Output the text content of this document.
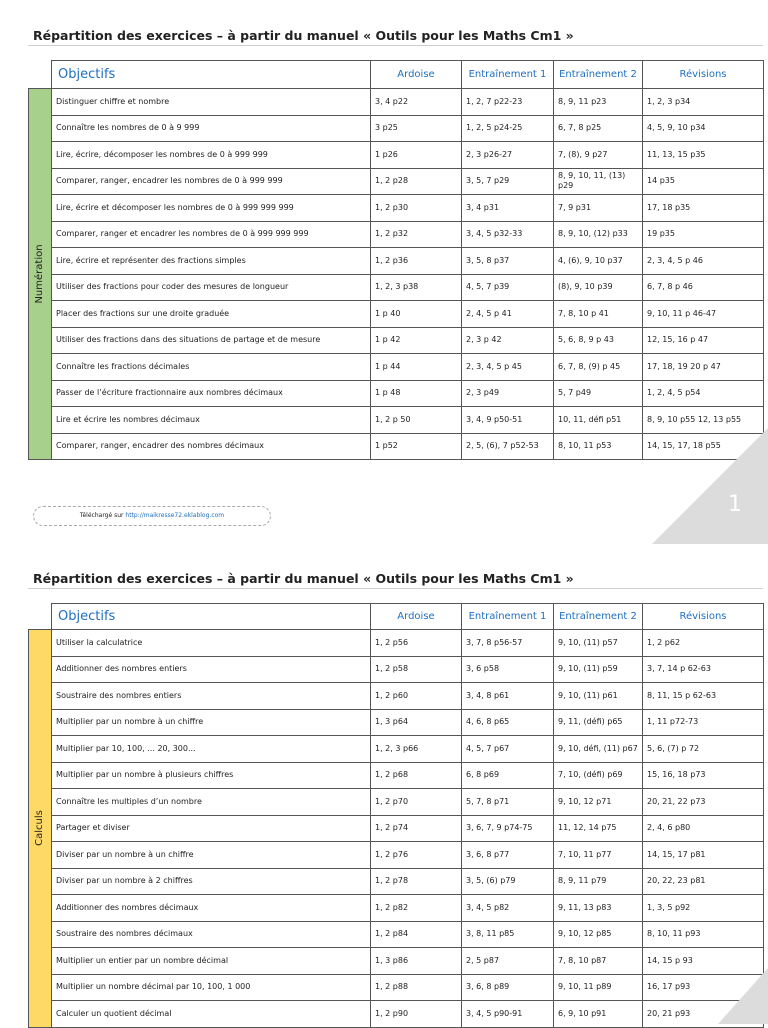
Répartition des exercices – à partir du manuel « Outils pour les Maths Cm1 »
	Objectifs	Ardoise	Entraînement 1	Entraînement 2	Révisions

Numération	Distinguer chiffre et nombre	3, 4 p22	1, 2, 7 p22-23	8, 9, 11 p23	1, 2, 3 p34
	Connaître les nombres de 0 à 9 999	3 p25	1, 2, 5 p24-25	6, 7, 8 p25	4, 5, 9, 10 p34
	Lire, écrire, décomposer les nombres de 0 à 999 999	1 p26	2, 3 p26-27	7, (8), 9 p27	11, 13, 15 p35
	Comparer, ranger, encadrer les nombres de 0 à 999 999	1, 2 p28	3, 5, 7 p29	8, 9, 10, 11, (13) p29	14 p35
	Lire, écrire et décomposer les nombres de 0 à 999 999 999	1, 2 p30	3, 4 p31	7, 9 p31	17, 18 p35
	Comparer, ranger et encadrer les nombres de 0 à 999 999 999	1, 2 p32	3, 4, 5 p32-33	8, 9, 10, (12) p33	19 p35
	Lire, écrire et représenter des fractions simples	1, 2 p36	3, 5, 8 p37	4, (6), 9, 10 p37	2, 3, 4, 5 p 46
	Utiliser des fractions pour coder des mesures de longueur	1, 2, 3 p38	4, 5, 7 p39	(8), 9, 10 p39	6, 7, 8 p 46
	Placer des fractions sur une droite graduée	1 p 40	2, 4, 5 p 41	7, 8, 10 p 41	9, 10, 11 p 46-47
	Utiliser des fractions dans des situations de partage et de mesure	1 p 42	2, 3 p 42	5, 6, 8, 9 p 43	12, 15, 16 p 47
	Connaître les fractions décimales	1 p 44	2, 3, 4, 5 p 45	6, 7, 8, (9) p 45	17, 18, 19 20 p 47
	Passer de l’écriture fractionnaire aux nombres décimaux	1 p 48	2, 3 p49	5, 7 p49	1, 2, 4, 5 p54
	Lire et écrire les nombres décimaux	1, 2 p 50	3, 4, 9 p50-51	10, 11, défi p51	8, 9, 10 p55 12, 13 p55
	Comparer, ranger, encadrer des nombres décimaux	1 p52	2, 5, (6), 7 p52-53	8, 10, 11 p53	14, 15, 17, 18 p55
Téléchargé sur http://maikresse72.eklablog.com	1
Répartition des exercices – à partir du manuel « Outils pour les Maths Cm1 »
	Objectifs	Ardoise	Entraînement 1	Entraînement 2	Révisions

Calculs	Utiliser la calculatrice	1, 2 p56	3, 7, 8 p56-57	9, 10, (11) p57	1, 2 p62
	Additionner des nombres entiers	1, 2 p58	3, 6 p58	9, 10, (11) p59	3, 7, 14 p 62-63
	Soustraire des nombres entiers	1, 2 p60	3, 4, 8 p61	9, 10, (11) p61	8, 11, 15 p 62-63
	Multiplier par un nombre à un chiffre	1, 3 p64	4, 6, 8 p65	9, 11, (défi) p65	1, 11 p72-73
	Multiplier par 10, 100, ... 20, 300...	1, 2, 3 p66	4, 5, 7 p67	9, 10, défi, (11) p67	5, 6, (7) p 72
	Multiplier par un nombre à plusieurs chiffres	1, 2 p68	6, 8 p69	7, 10, (défi) p69	15, 16, 18 p73
	Connaître les multiples d’un nombre	1, 2 p70	5, 7, 8 p71	9, 10, 12 p71	20, 21, 22 p73
	Partager et diviser	1, 2 p74	3, 6, 7, 9 p74-75	11, 12, 14 p75	2, 4, 6 p80
	Diviser par un nombre à un chiffre	1, 2 p76	3, 6, 8 p77	7, 10, 11 p77	14, 15, 17 p81
	Diviser par un nombre à 2 chiffres	1, 2 p78	3, 5, (6) p79	8, 9, 11 p79	20, 22, 23 p81
	Additionner des nombres décimaux	1, 2 p82	3, 4, 5 p82	9, 11, 13 p83	1, 3, 5 p92
	Soustraire des nombres décimaux	1, 2 p84	3, 8, 11 p85	9, 10, 12 p85	8, 10, 11 p93
	Multiplier un entier par un nombre décimal	1, 3 p86	2, 5 p87	7, 8, 10 p87	14, 15 p 93
	Multiplier un nombre décimal par 10, 100, 1 000	1, 2 p88	3, 6, 8 p89	9, 10, 11 p89	16, 17 p93
	Calculer un quotient décimal	1, 2 p90	3, 4, 5 p90-91	6, 9, 10 p91	20, 21 p93
